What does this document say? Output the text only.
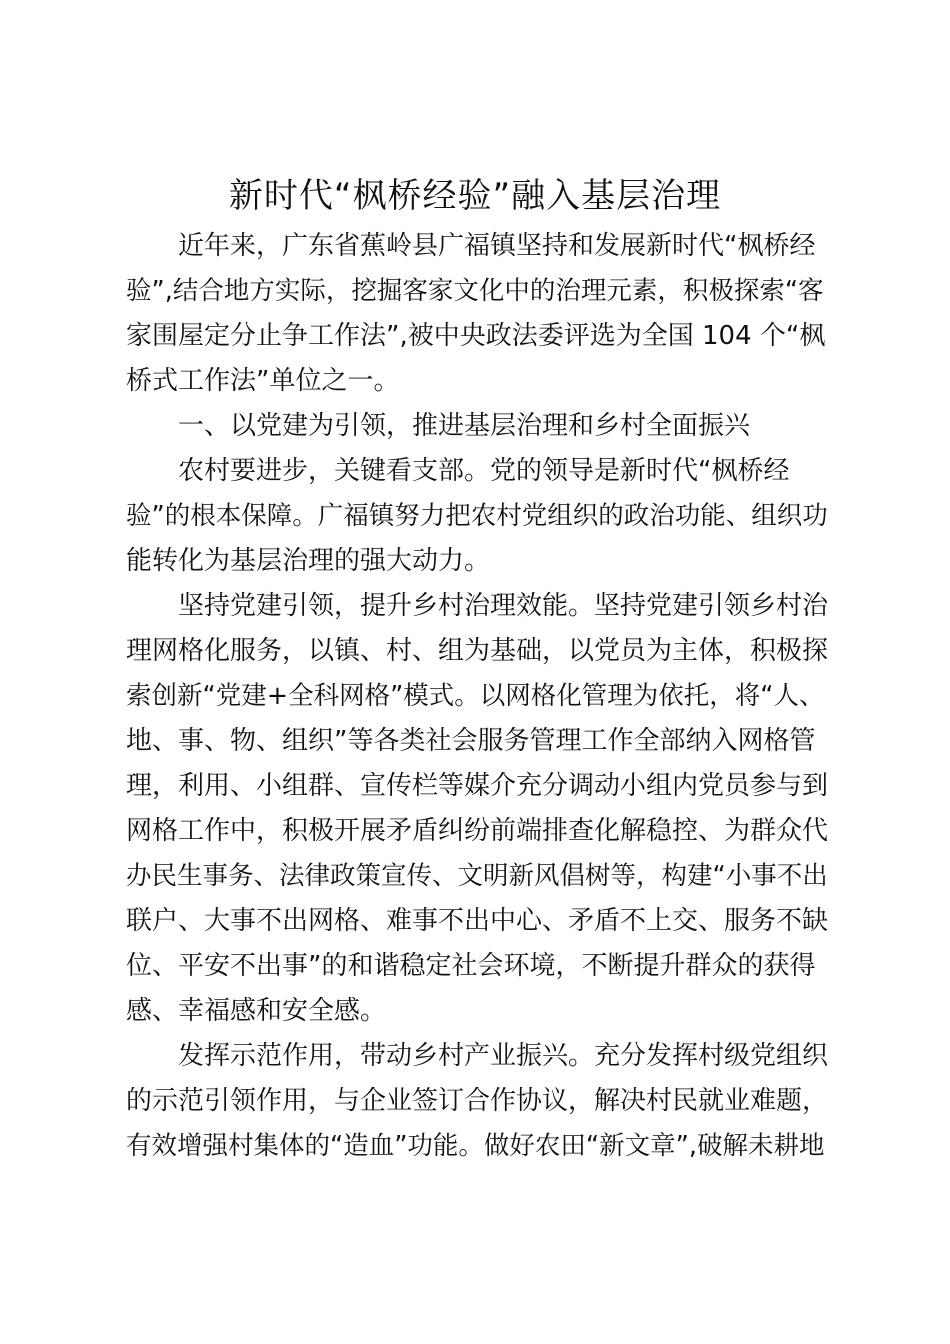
新时代“枫桥经验”融入基层治理
近年来，广东省蕉岭县广福镇坚持和发展新时代“枫桥经
验”,结合地方实际，挖掘客家文化中的治理元素，积极探索“客
家围屋定分止争工作法”,被中央政法委评选为全国 104 个“枫
桥式工作法”单位之一。
一、以党建为引领，推进基层治理和乡村全面振兴
农村要进步，关键看支部。党的领导是新时代“枫桥经
验”的根本保障。广福镇努力把农村党组织的政治功能、组织功
能转化为基层治理的强大动力。
坚持党建引领，提升乡村治理效能。坚持党建引领乡村治
理网格化服务，以镇、村、组为基础，以党员为主体，积极探
索创新“党建+全科网格”模式。以网格化管理为依托，将“人、
地、事、物、组织”等各类社会服务管理工作全部纳入网格管
理，利用、小组群、宣传栏等媒介充分调动小组内党员参与到
网格工作中，积极开展矛盾纠纷前端排查化解稳控、为群众代
办民生事务、法律政策宣传、文明新风倡树等，构建“小事不出
联户、大事不出网格、难事不出中心、矛盾不上交、服务不缺
位、平安不出事”的和谐稳定社会环境，不断提升群众的获得
感、幸福感和安全感。
发挥示范作用，带动乡村产业振兴。充分发挥村级党组织
的示范引领作用，与企业签订合作协议，解决村民就业难题，
有效增强村集体的“造血”功能。做好农田“新文章”,破解未耕地
